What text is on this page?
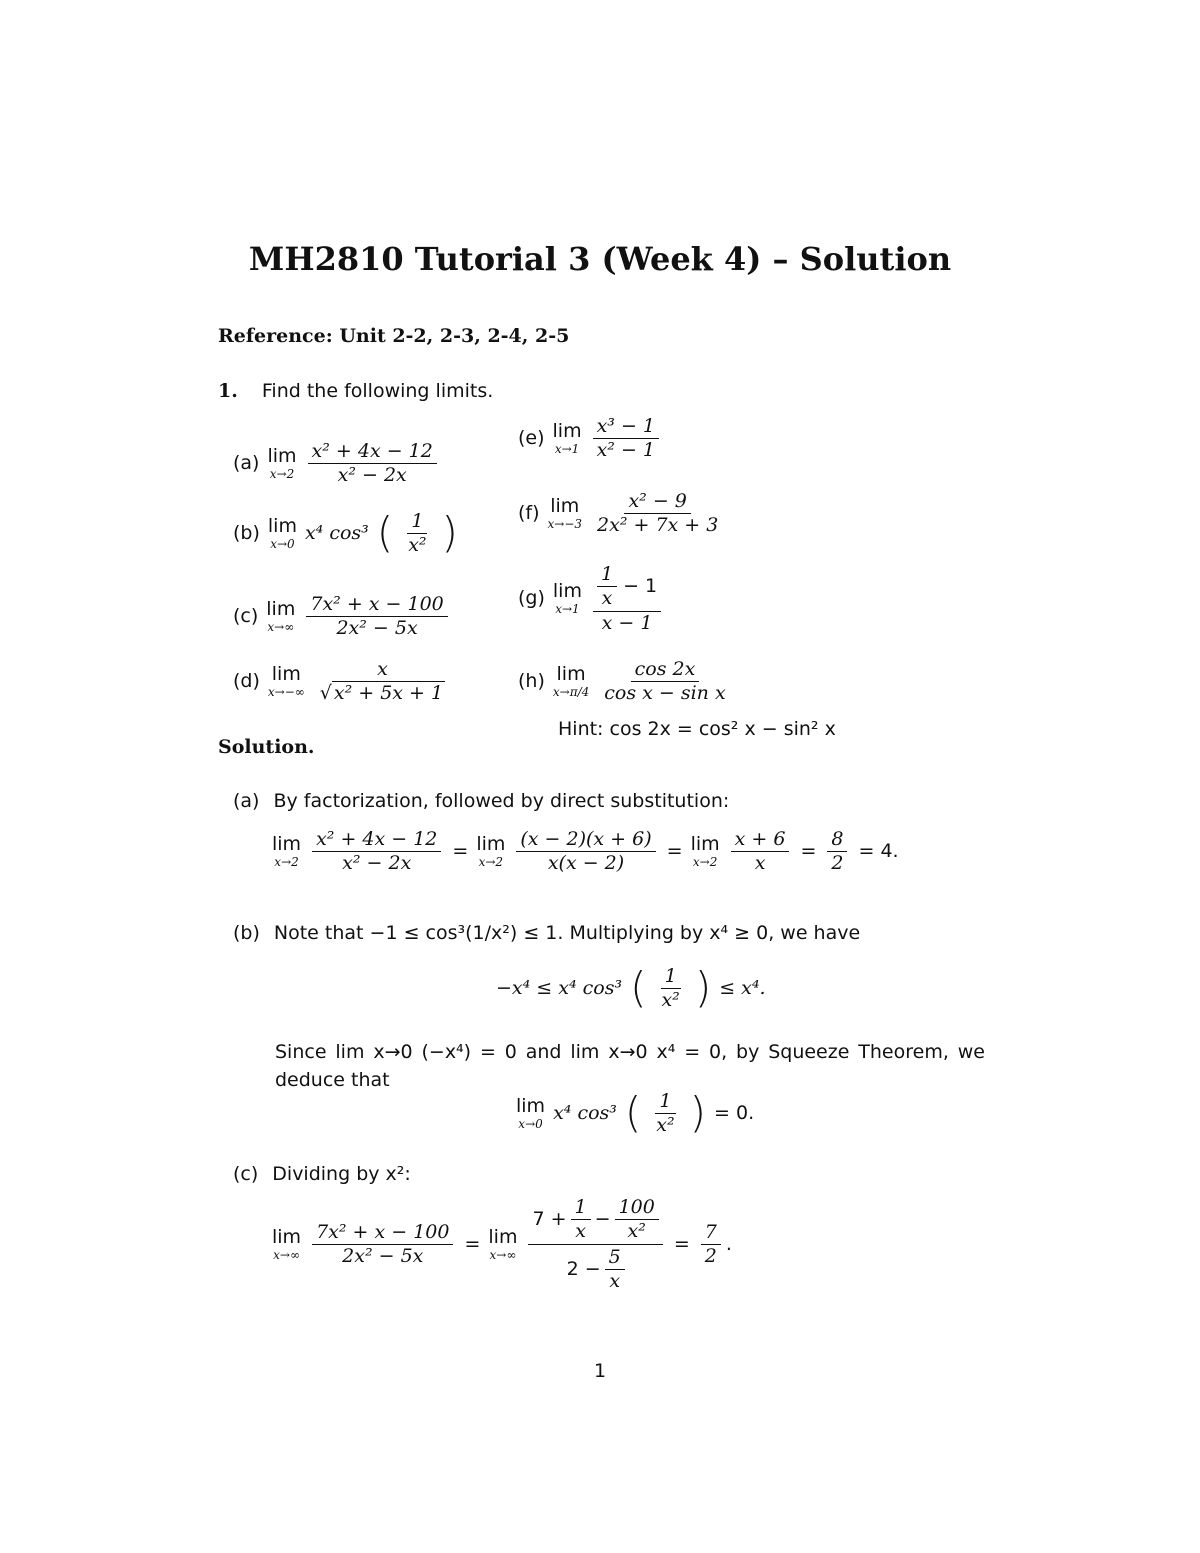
MH2810 Tutorial 3 (Week 4) – Solution
Reference: Unit 2-2, 2-3, 2-4, 2-5
1. Find the following limits.
(a) lim
$x\to 2 \frac{\text{x² + 4x − 12}}{\text{x² − 2x}}$
(b) lim
x→0 x⁴ cos³ ( $\frac{1}{\text{x²}}$ )
(c) lim
$x\to\infty \frac{\text{7x² + x − 100}}{\text{2x² − 5x}}$
(d) lim
$x\to-\infty \frac{x}{\text{√ x² + 5x + 1}}$
(e) lim
$x\to 1 \frac{\text{x³ − 1}}{\text{x² − 1}}$
(f) lim
$x\to-3 \frac{\text{x² − 9}}{\text{2x² + 7x + 3}}$
(g) lim
$x\to 1 \frac{\frac{1}{x} - 1}{x - 1}$
(h) lim
$x\to\pi/4 \frac{\cos 2x}{\text{cos x − sin x}}$
Hint: cos 2x = cos² x − sin² x
Solution.
(a) By factorization, followed by direct substitution:
lim
$x\to 2 \frac{\text{x² + 4x − 12}}{\text{x² − 2x}} = \lim$
$x\to 2 \frac{(x - 2)(x + 6)}{x(x - 2)} = \lim$
$x\to 2 \frac{x + 6}{x} = \frac{8}{2} = 4$.
(b) Note that −1 ≤ cos³(1/x²) ≤ 1. Multiplying by x⁴ ≥ 0, we have
−x⁴ ≤ x⁴ cos³ ( $\frac{1}{\text{x²}}$ ) ≤ x⁴.
Since lim x→0 (−x⁴) = 0 and lim x→0 x⁴ = 0, by Squeeze Theorem, we deduce that
lim
x→0 x⁴ cos³ ( $\frac{1}{\text{x²}}$ ) = 0.
(c) Dividing by x²:
lim
$x\to\infty \frac{\text{7x² + x − 100}}{\text{2x² − 5x}} = \lim$
$x\to\infty \frac{7 + \frac{1}{x} - \frac{100}{\text{x²}}}{2 - \frac{5}{x}} = \frac{7}{2}$ .
1
